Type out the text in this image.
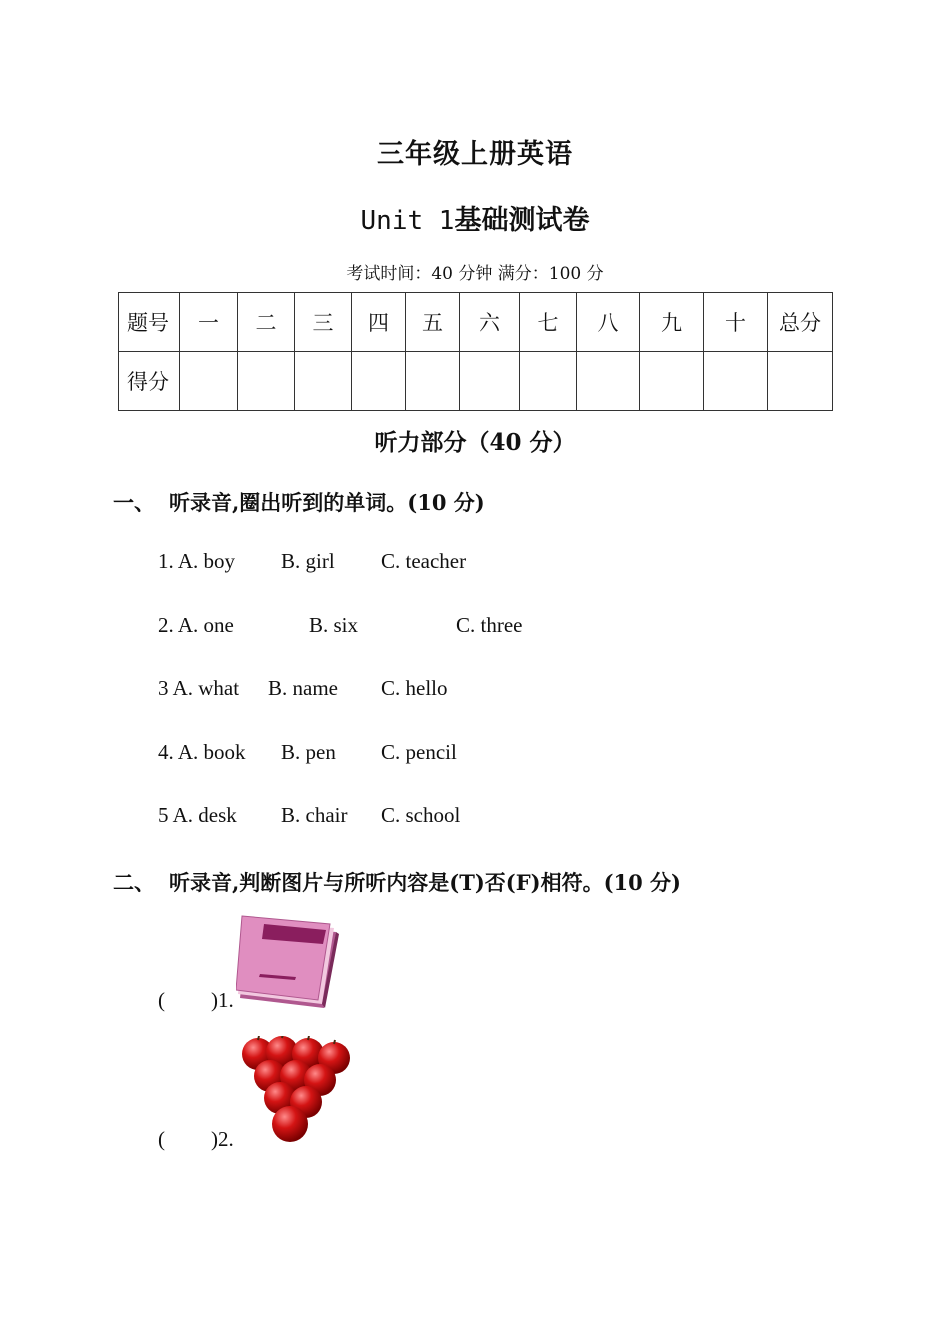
三年级上册英语
Unit 1基础测试卷
考试时间：40 分钟 满分：100 分
题号	一	二	三	四	五	六	七	八	九	十	总分
得分											
听力部分（40 分）
一、 听录音,圈出听到的单词。(10 分)
1. A. boy B. girl C. teacher
2. A. one	B. six	C. three
3 A. what B. name C. hello
4. A. book B. pen C. pencil
5 A. desk B. chair C. school
二、 听录音,判断图片与所听内容是(T)否(F)相符。(10 分)
( )1.
( )2.
